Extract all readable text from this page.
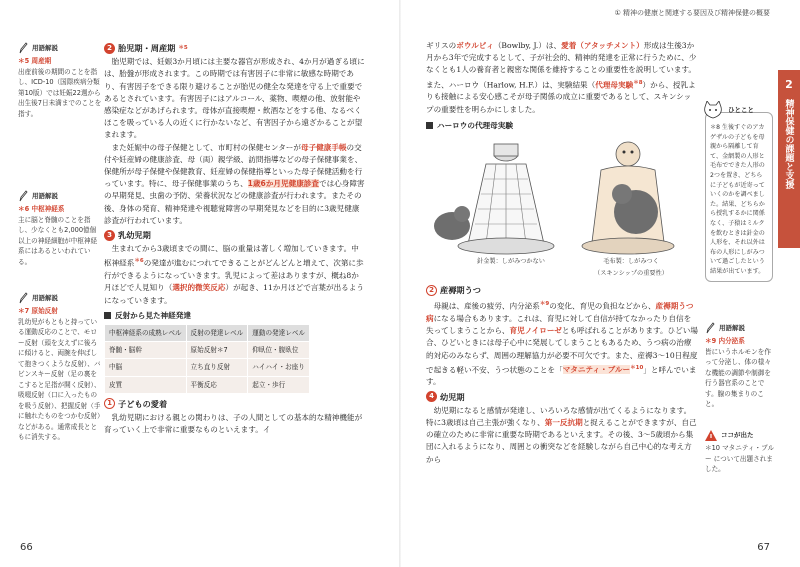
用語解説
＊5 周産期
出産前後の期間のことを指し、ICD-10（国際疾病分類第10版）では妊娠22週から出生後7日未満までのことを指す。
用語解説
＊6 中枢神経系
主に脳と脊髄のことを指し、少なくとも2,000億個以上の神経細胞が中枢神経系にはあるといわれている。
用語解説
＊7 原始反射
乳幼児がもともと持っている運動反応のことで、モロー反射（頭を支えずに後ろに傾けると、両腕を伸ばして抱きつくような反射）、バビンスキー反射（足の裏をこすると足指が開く反射）、吸啜反射（口に入ったものを吸う反射）、把握反射（手に触れたものをつかむ反射）などがある。通常成長とともに消失する。
2 胎児期・周産期 ＊5

胎児期では、妊娠3か月頃には主要な器官が形成され、4か月が過ぎる頃には、胎盤が形成されます。この時期では有害因子に非常に敏感な時期であり、有害因子をできる限り避けることが胎児の健全な発達を守る上で重要であるとされています。有害因子にはアルコール、薬物、喫煙の他、放射能や感染症などがあげられます。母体が直接喫煙・飲酒などをする他、なるべくほこを吸っている人の近くに行かないなど、有害因子から遠ざかることが望まれます。

また妊娠中の母子保健として、市町村の保健センターが母子健康手帳の交付や妊産婦の健康診査、母（両）親学級、訪問指導などの母子保健事業を、保健所が母子保健や保健教育、妊産婦の保健指導といった母子保健活動を行っています。特に、母子保健事業のうち、1歳6か月児健康診査では心身障害の早期発見、虫歯の予防、栄養状況などの健康診査が行われます。またその後、身体の発育、精神発達や視聴覚障害の早期発見などを目的に3歳児健康診査が行われています。

3 乳幼児期

生まれてから3歳頃までの間に、脳の重量は著しく増加していきます。中枢神経系$^{*6}$の発達が進むにつれてできることがどんどんと増えて、次第に歩行ができるようになっていきます。乳児によって差はありますが、概ね8か月ほどで人見知り（選択的微笑反応）が起き、11か月ほどで言葉が出るようになっていきます。

反射から見た神経発達
中枢神経系の成熟レベル	反射の発達レベル	運動の発達レベル
脊髄・脳幹	原始反射＊7	仰臥位・腹臥位
中脳	立ち直り反射	ハイハイ・お座り
皮質	平衡反応	起立・歩行
1 子どもの愛着

乳幼児期における親との関わりは、子の人間としての基本的な精神機能が育っていく上で非常に重要なものといえます。イ

66
① 精神の健康と関連する要因及び精神保健の概要
2
精神保健の課題と支援

ギリスのボウルビィ（Bowlby, J.）は、愛着（アタッチメント）形成は生後3か月から3年で完成するとして、子が社会的、精神的発達を正常に行うために、少なくとも1人の養育者と親密な関係を維持することの重要性を説明しています。また、ハーロウ（Harlow, H.F.）は、実験結果（代理母実験$^{*8}$）から、授乳よりも接触による安心感こそが母子関係の成立に重要であるとして、スキンシップの重要性を明らかにしました。

ハーロウの代理母実験
針金製：しがみつかない	毛布製：しがみつく
（スキンシップの重要性）
2 産褥期うつ

母親は、産後の疲労、内分泌系$^{*9}$の変化、育児の負担などから、産褥期うつ病になる場合もあります。これは、育児に対して自信が持てなかったり自信を失ってしまうことから、育児ノイローゼとも呼ばれることがあります。ひどい場合、ひどいときには母子心中に発展してしまうこともあるため、うつ病の治療的対応のみならず、周囲の理解協力が必要不可欠です。また、産褥3～10日程度で起きる軽い不安、うつ状態のことを「マタニティ・ブルー$^{*10}$」と呼んでいます。

4 幼児期

幼児期になると感情が発達し、いろいろな感情が出てくるようになります。特に3歳頃は自己主張が強くなり、第一反抗期と捉えることができますが、自己の確立のために非常に重要な時期であるといえます。その後、3～5歳頃から集団に入れるようになり、周囲との衝突などを経験しながら自己中心的な考え方から

ひとこと
＊8 生後すぐのアカゲザルの子どもを母親から隔離して育て、金網製の人形と毛布でできた人形の2つを置き、どちらに子どもが近寄っていくのかを調べました。結果、どちらから授乳するかに関係なく、子猿はミルクを飲むときは針金の人形を、それ以外は布の人形にしがみついて過ごしたという結果が出ています。
用語解説
＊9 内分泌系
皆にいうホルモンを作って分泌し、体の様々な機能の調節や制御を行う器官系のことです。腺の集まりのこと。
ココが出た
＊10 マタニティ・ブルー について出題されました。
67
